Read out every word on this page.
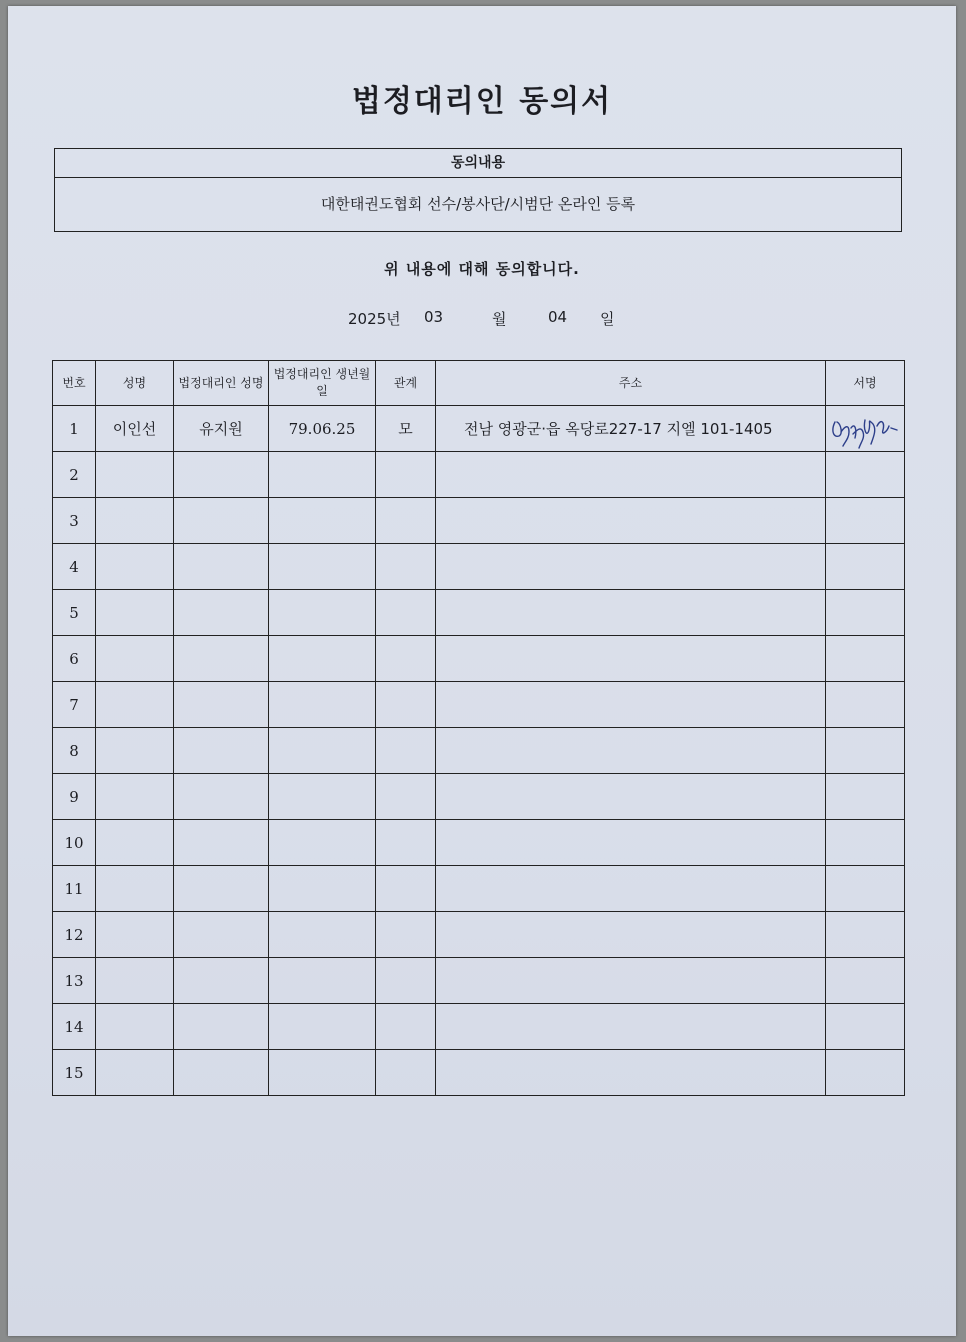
법정대리인 동의서
동의내용
대한태권도협회 선수/봉사단/시범단 온라인 등록
위 내용에 대해 동의합니다.
2025년 03	월	04 일
번호	성명	법정대리인 성명	법정대리인 생년월일	관계	주소	서명
1	이인선	유지원	79.06.25	모	전남 영광군·읍 옥당로227-17 지엘 101-1405	

2						
3						
4						
5						
6						
7						
8						
9						
10						
11						
12						
13						
14						
15						
